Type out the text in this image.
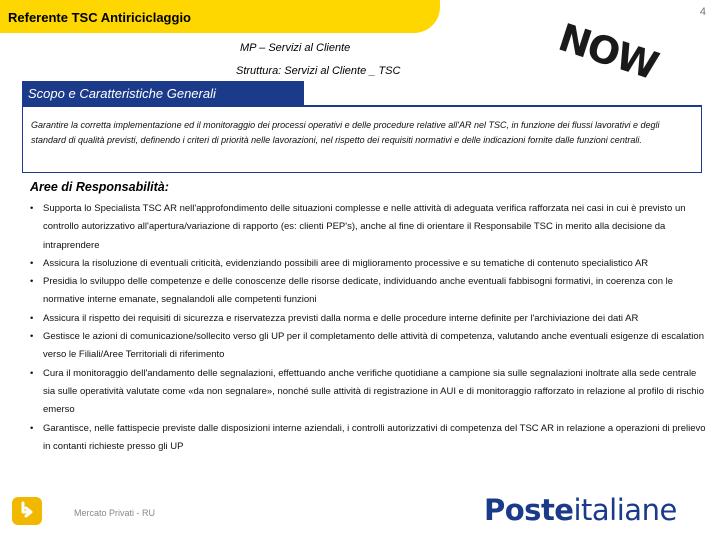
Referente TSC Antiriciclaggio	4
MP – Servizi al Cliente
Struttura: Servizi al Cliente _ TSC	NOW
Scopo e Caratteristiche Generali

Garantire la corretta implementazione ed il monitoraggio dei processi operativi e delle procedure relative all'AR nel TSC, in funzione dei flussi lavorativi e degli standard di qualità previsti, definendo i criteri di priorità nelle lavorazioni, nel rispetto dei requisiti normativi e delle indicazioni fornite dalle funzioni centrali.

Aree di Responsabilità:
• Supporta lo Specialista TSC AR nell'approfondimento delle situazioni complesse e nelle attività di adeguata verifica rafforzata nei casi in cui è previsto un controllo autorizzativo all'apertura/variazione di rapporto (es: clienti PEP's), anche al fine di orientare il Responsabile TSC in merito alla decisione da intraprendere
• Assicura la risoluzione di eventuali criticità, evidenziando possibili aree di miglioramento processive e su tematiche di contenuto specialistico AR
• Presidia lo sviluppo delle competenze e delle conoscenze delle risorse dedicate, individuando anche eventuali fabbisogni formativi, in coerenza con le normative interne emanate, segnalandoli alle competenti funzioni
• Assicura il rispetto dei requisiti di sicurezza e riservatezza previsti dalla norma e delle procedure interne definite per l'archiviazione dei dati AR
• Gestisce le azioni di comunicazione/sollecito verso gli UP per il completamento delle attività di competenza, valutando anche eventuali esigenze di escalation verso le Filiali/Aree Territoriali di riferimento
• Cura il monitoraggio dell'andamento delle segnalazioni, effettuando anche verifiche quotidiane a campione sia sulle segnalazioni inoltrate alla sede centrale sia sulle operatività valutate come «da non segnalare», nonché sulle attività di registrazione in AUI e di monitoraggio rafforzato in relazione al profilo di rischio emerso
• Garantisce, nelle fattispecie previste dalle disposizioni interne aziendali, i controlli autorizzativi di competenza del TSC AR in relazione a operazioni di prelievo in contanti richieste presso gli UP
Mercato Privati - RU	Posteitaliane
